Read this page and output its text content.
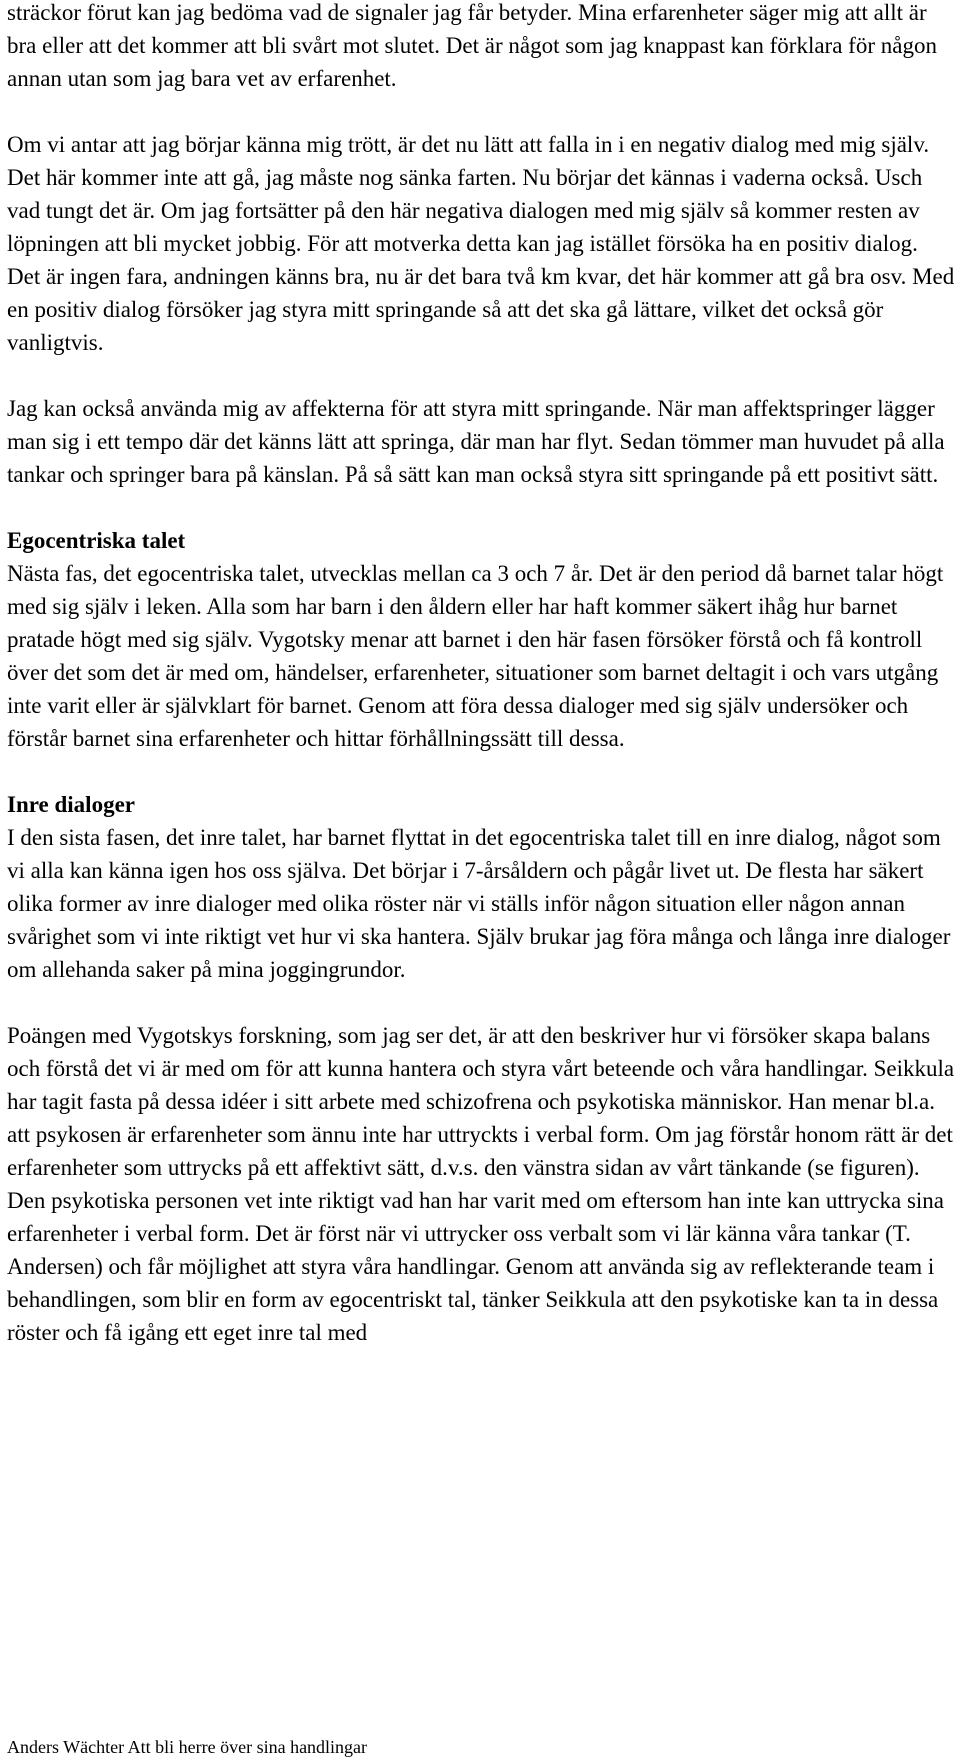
sträckor förut kan jag bedöma vad de signaler jag får betyder. Mina erfarenheter säger mig att allt är bra eller att det kommer att bli svårt mot slutet. Det är något som jag knappast kan förklara för någon annan utan som jag bara vet av erfarenhet.

Om vi antar att jag börjar känna mig trött, är det nu lätt att falla in i en negativ dialog med mig själv. Det här kommer inte att gå, jag måste nog sänka farten. Nu börjar det kännas i vaderna också. Usch vad tungt det är. Om jag fortsätter på den här negativa dialogen med mig själv så kommer resten av löpningen att bli mycket jobbig. För att motverka detta kan jag istället försöka ha en positiv dialog. Det är ingen fara, andningen känns bra, nu är det bara två km kvar, det här kommer att gå bra osv. Med en positiv dialog försöker jag styra mitt springande så att det ska gå lättare, vilket det också gör vanligtvis.

Jag kan också använda mig av affekterna för att styra mitt springande. När man affektspringer lägger man sig i ett tempo där det känns lätt att springa, där man har flyt. Sedan tömmer man huvudet på alla tankar och springer bara på känslan. På så sätt kan man också styra sitt springande på ett positivt sätt.

Egocentriska talet

Nästa fas, det egocentriska talet, utvecklas mellan ca 3 och 7 år. Det är den period då barnet talar högt med sig själv i leken. Alla som har barn i den åldern eller har haft kommer säkert ihåg hur barnet pratade högt med sig själv. Vygotsky menar att barnet i den här fasen försöker förstå och få kontroll över det som det är med om, händelser, erfarenheter, situationer som barnet deltagit i och vars utgång inte varit eller är självklart för barnet. Genom att föra dessa dialoger med sig själv undersöker och förstår barnet sina erfarenheter och hittar förhållningssätt till dessa.

Inre dialoger

I den sista fasen, det inre talet, har barnet flyttat in det egocentriska talet till en inre dialog, något som vi alla kan känna igen hos oss själva. Det börjar i 7-årsåldern och pågår livet ut. De flesta har säkert olika former av inre dialoger med olika röster när vi ställs inför någon situation eller någon annan svårighet som vi inte riktigt vet hur vi ska hantera. Själv brukar jag föra många och långa inre dialoger om allehanda saker på mina joggingrundor.

Poängen med Vygotskys forskning, som jag ser det, är att den beskriver hur vi försöker skapa balans och förstå det vi är med om för att kunna hantera och styra vårt beteende och våra handlingar. Seikkula har tagit fasta på dessa idéer i sitt arbete med schizofrena och psykotiska människor. Han menar bl.a. att psykosen är erfarenheter som ännu inte har uttryckts i verbal form. Om jag förstår honom rätt är det erfarenheter som uttrycks på ett affektivt sätt, d.v.s. den vänstra sidan av vårt tänkande (se figuren). Den psykotiska personen vet inte riktigt vad han har varit med om eftersom han inte kan uttrycka sina erfarenheter i verbal form. Det är först när vi uttrycker oss verbalt som vi lär känna våra tankar (T. Andersen) och får möjlighet att styra våra handlingar. Genom att använda sig av reflekterande team i behandlingen, som blir en form av egocentriskt tal, tänker Seikkula att den psykotiske kan ta in dessa röster och få igång ett eget inre tal med

Anders Wächter Att bli herre över sina handlingar
